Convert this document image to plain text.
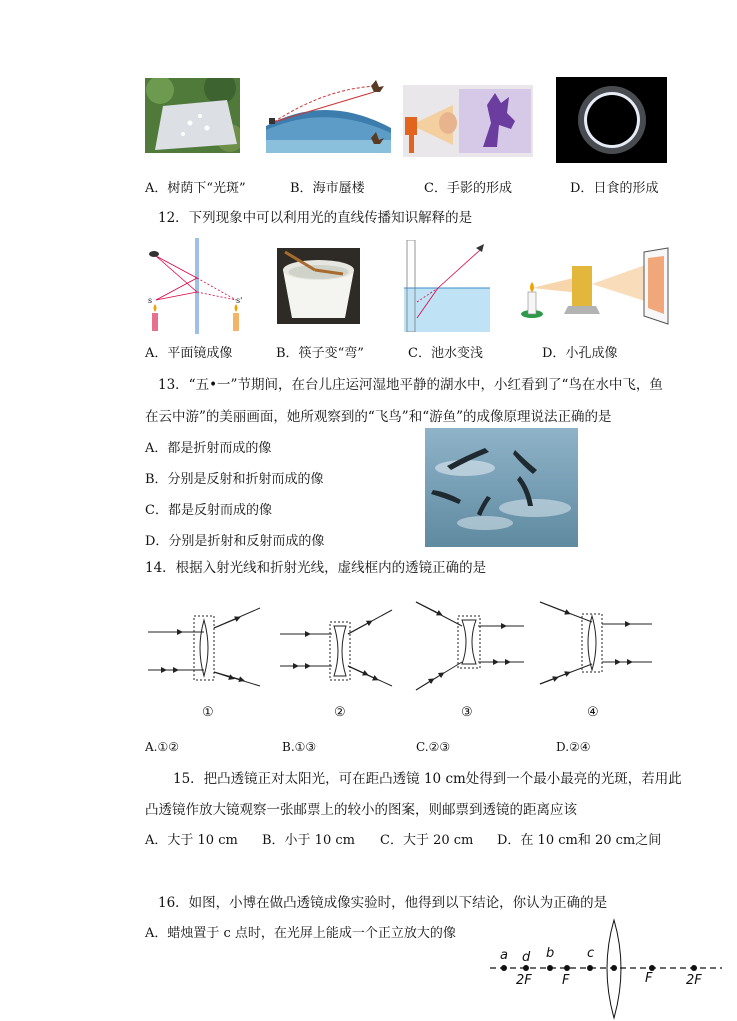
A．树荫下“光斑”	B．海市蜃楼	C．手影的形成	D．日食的形成
12．下列现象中可以利用光的直线传播知识解释的是
s	s'
A．平面镜成像	B．筷子变“弯”	C．池水变浅	D．小孔成像
13．“五•一”节期间，在台儿庄运河湿地平静的湖水中，小红看到了“鸟在水中飞，鱼
在云中游”的美丽画面，她所观察到的“飞鸟”和“游鱼”的成像原理说法正确的是
A．都是折射而成的像
B．分别是反射和折射而成的像
C．都是反射而成的像
D．分别是折射和反射而成的像
14．根据入射光线和折射光线，虚线框内的透镜正确的是
①	②	③	④
A.①②	B.①③	C.②③	D.②④
15．把凸透镜正对太阳光，可在距凸透镜 10 cm处得到一个最小最亮的光斑，若用此
凸透镜作放大镜观察一张邮票上的较小的图案，则邮票到透镜的距离应该
A．大于 10 cm B．小于 10 cm C．大于 20 cm D．在 10 cm和 20 cm之间
16．如图，小博在做凸透镜成像实验时，他得到以下结论，你认为正确的是
A．蜡烛置于 c 点时，在光屏上能成一个正立放大的像
a d b	c
2F F	F	2F
